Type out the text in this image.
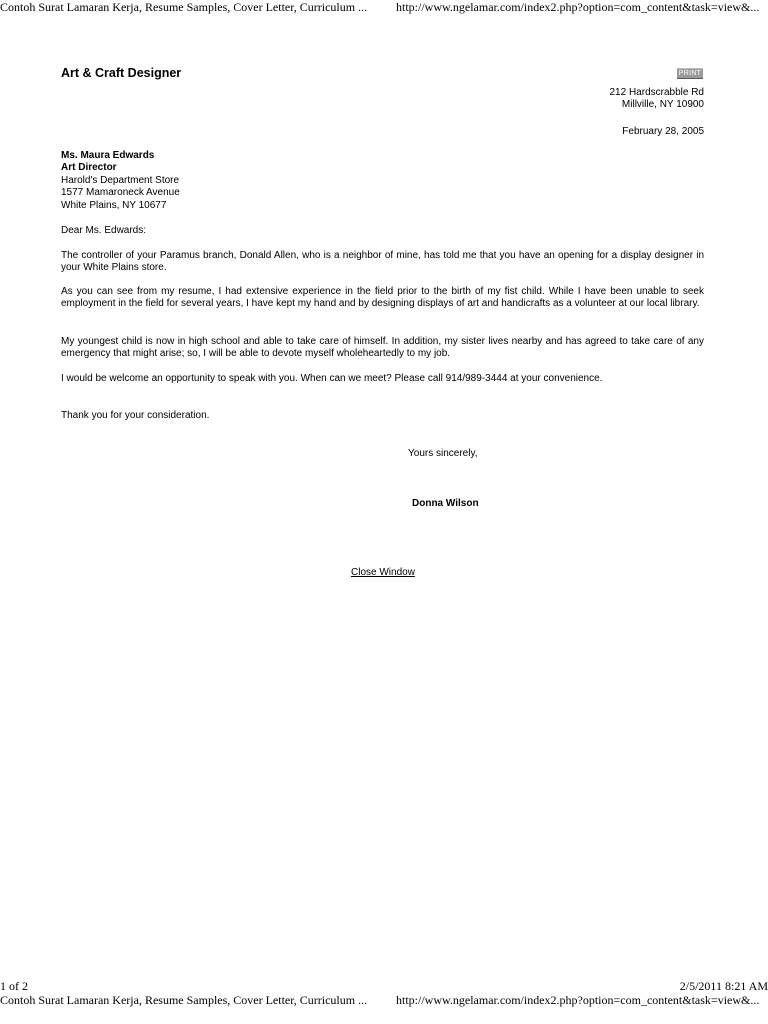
Contoh Surat Lamaran Kerja, Resume Samples, Cover Letter, Curriculum ... http://www.ngelamar.com/index2.php?option=com_content&task=view&...
Art & Craft Designer	PRINT
212 Hardscrabble Rd
Millville, NY 10900
February 28, 2005
Ms. Maura Edwards
Art Director
Harold's Department Store
1577 Mamaroneck Avenue
White Plains, NY 10677
Dear Ms. Edwards:
The controller of your Paramus branch, Donald Allen, who is a neighbor of mine, has told me that you have an opening for a display designer in your White Plains store.
As you can see from my resume, I had extensive experience in the field prior to the birth of my fist child. While I have been unable to seek employment in the field for several years, I have kept my hand and by designing displays of art and handicrafts as a volunteer at our local library.
My youngest child is now in high school and able to take care of himself. In addition, my sister lives nearby and has agreed to take care of any emergency that might arise; so, I will be able to devote myself wholeheartedly to my job.
I would be welcome an opportunity to speak with you. When can we meet? Please call 914/989-3444 at your convenience.
Thank you for your consideration.
Yours sincerely,
Donna Wilson
Close Window
1 of 2	2/5/2011 8:21 AM
Contoh Surat Lamaran Kerja, Resume Samples, Cover Letter, Curriculum ... http://www.ngelamar.com/index2.php?option=com_content&task=view&...
